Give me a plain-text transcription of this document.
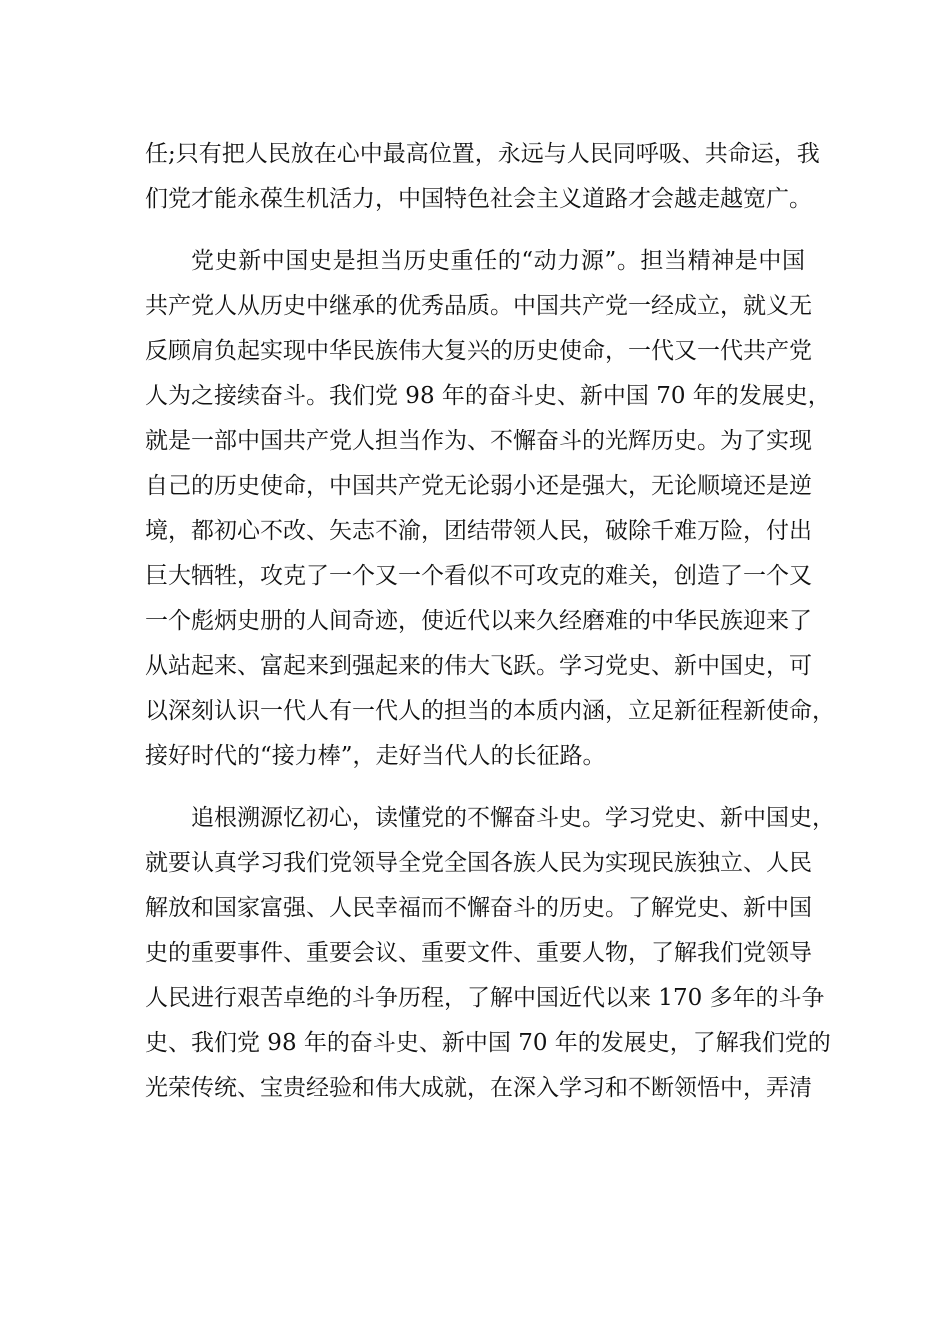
任;只有把人民放在心中最高位置，永远与人民同呼吸、共命运，我
们党才能永葆生机活力，中国特色社会主义道路才会越走越宽广。
党史新中国史是担当历史重任的“动力源”。担当精神是中国
共产党人从历史中继承的优秀品质。中国共产党一经成立，就义无
反顾肩负起实现中华民族伟大复兴的历史使命，一代又一代共产党
人为之接续奋斗。我们党 98 年的奋斗史、新中国 70 年的发展史，
就是一部中国共产党人担当作为、不懈奋斗的光辉历史。为了实现
自己的历史使命，中国共产党无论弱小还是强大，无论顺境还是逆
境，都初心不改、矢志不渝，团结带领人民，破除千难万险，付出
巨大牺牲，攻克了一个又一个看似不可攻克的难关，创造了一个又
一个彪炳史册的人间奇迹，使近代以来久经磨难的中华民族迎来了
从站起来、富起来到强起来的伟大飞跃。学习党史、新中国史，可
以深刻认识一代人有一代人的担当的本质内涵，立足新征程新使命，
接好时代的“接力棒”，走好当代人的长征路。
追根溯源忆初心，读懂党的不懈奋斗史。学习党史、新中国史，
就要认真学习我们党领导全党全国各族人民为实现民族独立、人民
解放和国家富强、人民幸福而不懈奋斗的历史。了解党史、新中国
史的重要事件、重要会议、重要文件、重要人物，了解我们党领导
人民进行艰苦卓绝的斗争历程，了解中国近代以来 170 多年的斗争
史、我们党 98 年的奋斗史、新中国 70 年的发展史，了解我们党的
光荣传统、宝贵经验和伟大成就，在深入学习和不断领悟中，弄清
